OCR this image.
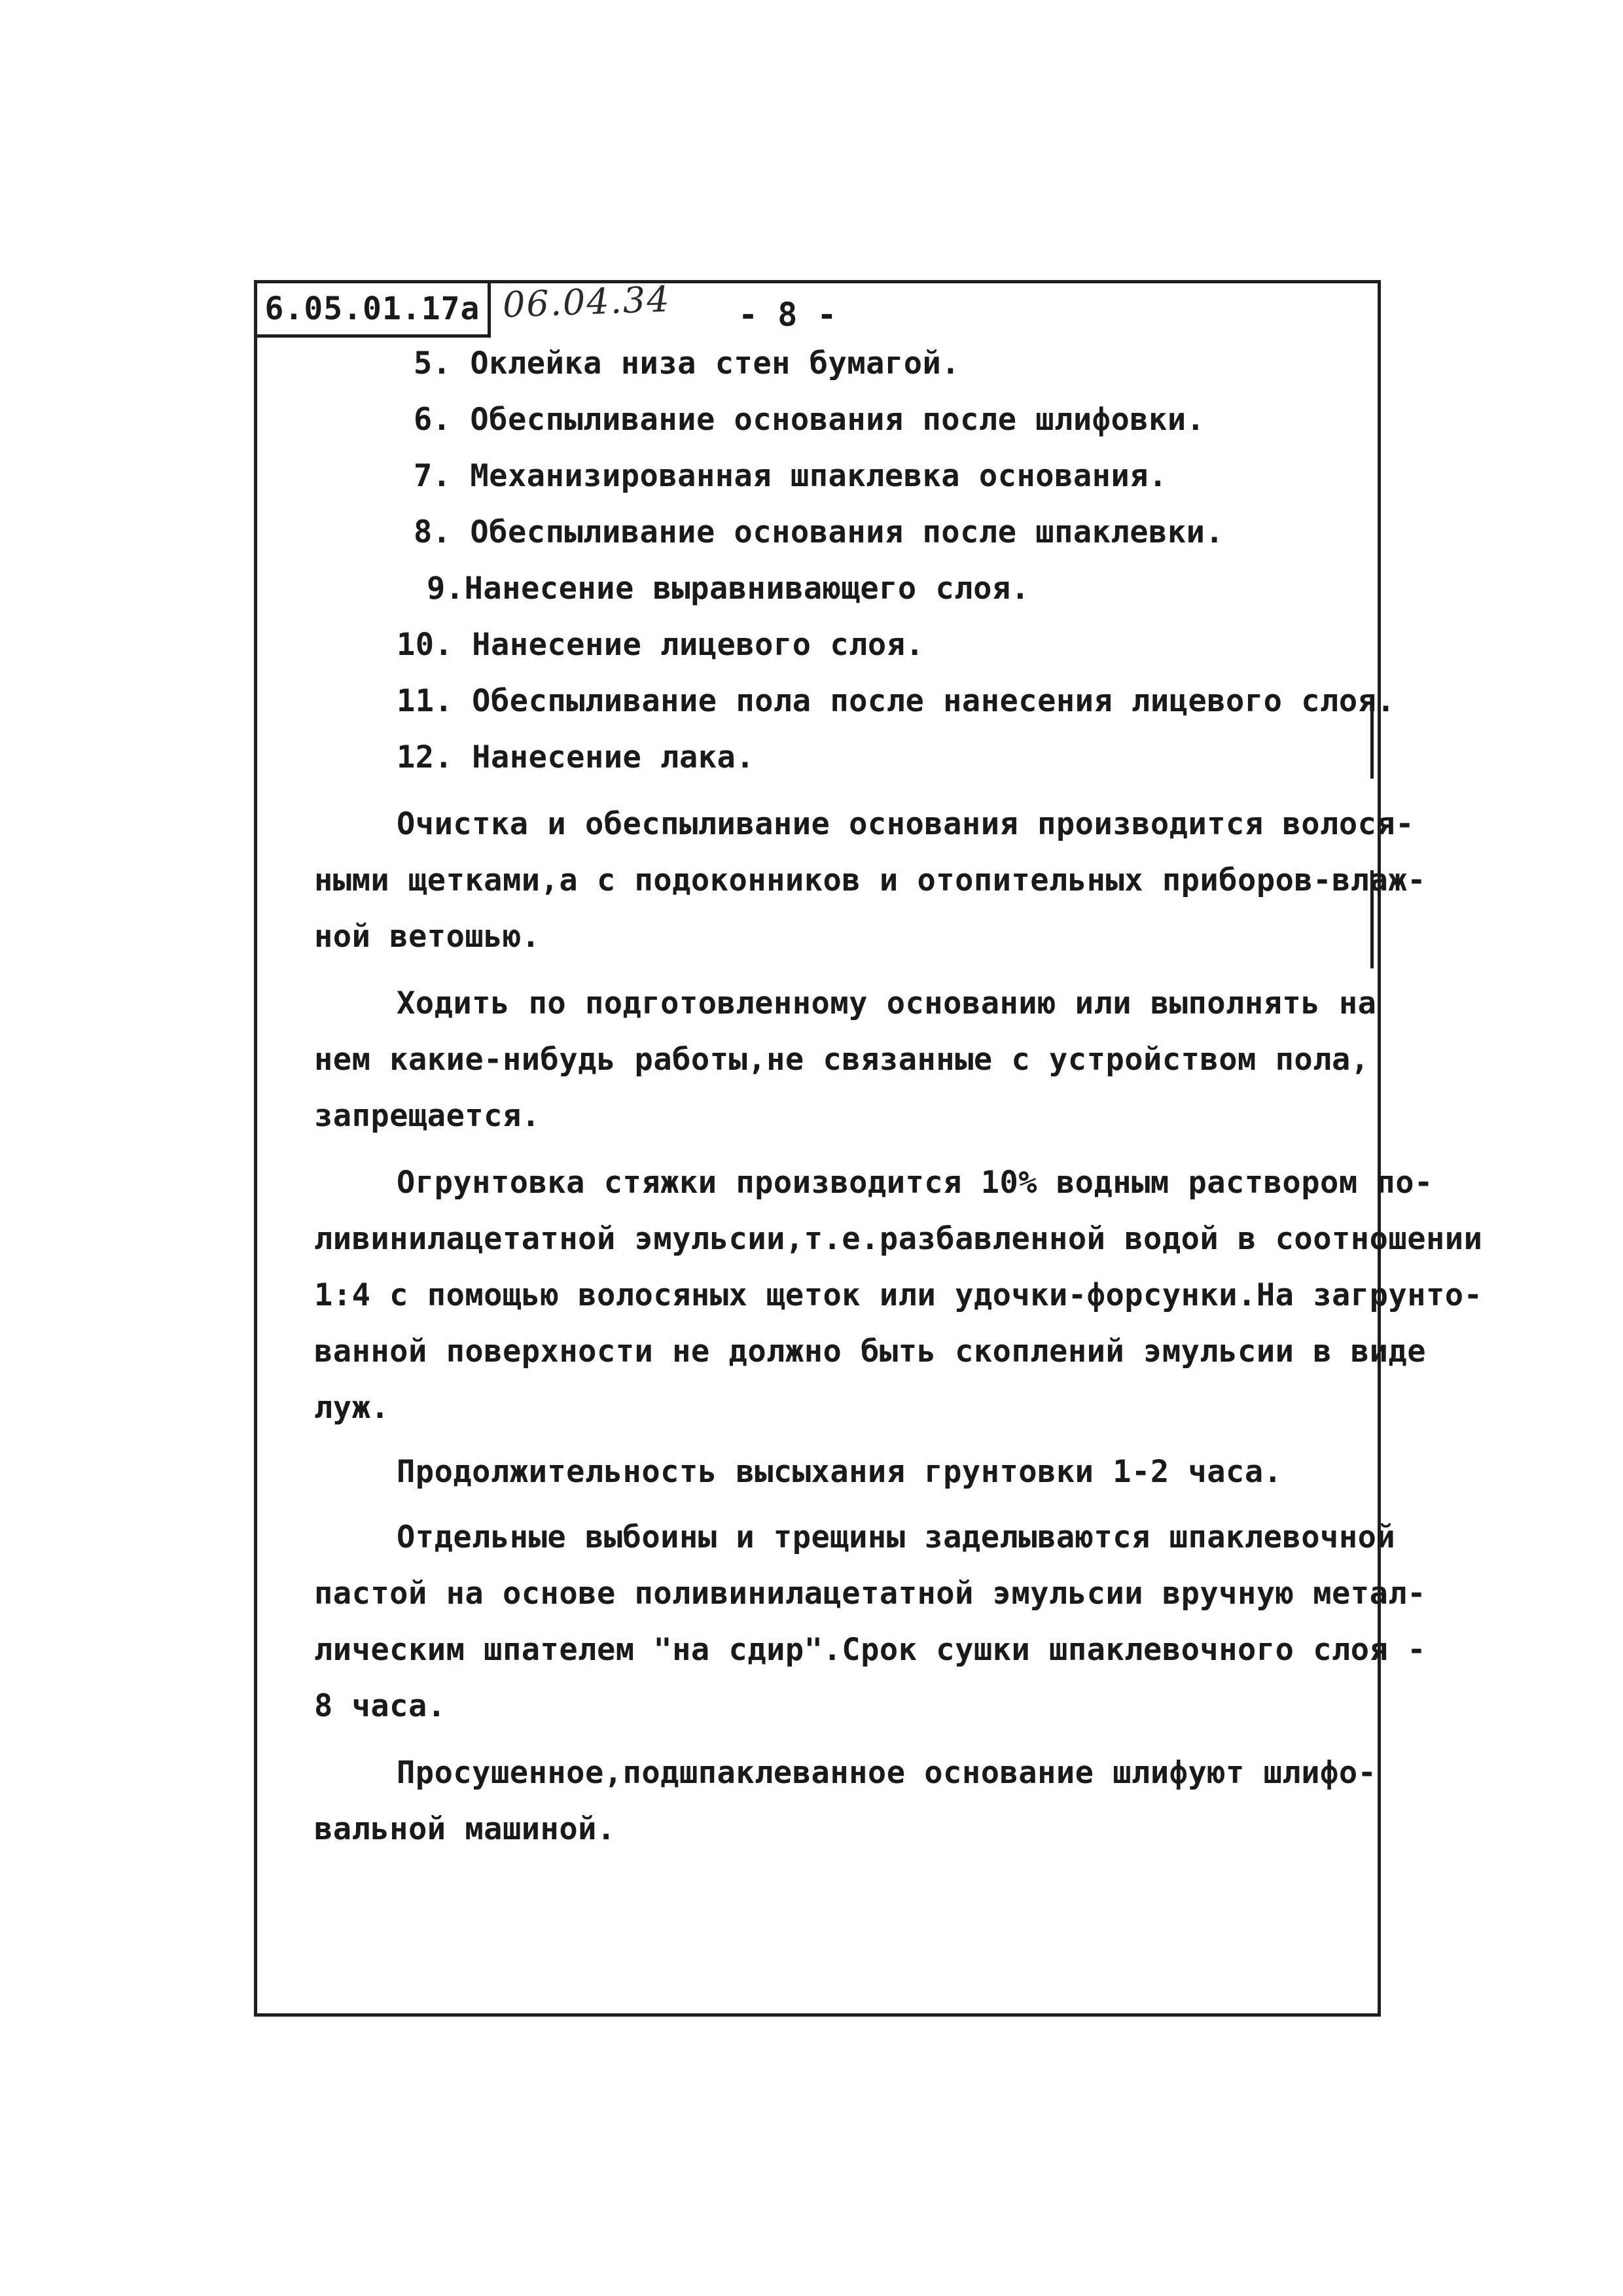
6.05.01.17a 06.04.34 - 8 -
5. Оклейка низа стен бумагой.
6. Обеспыливание основания после шлифовки.
7. Механизированная шпаклевка основания.
8. Обеспыливание основания после шпаклевки.
9.Нанесение выравнивающего слоя.
10. Нанесение лицевого слоя.
11. Обеспыливание пола после нанесения лицевого слоя.
12. Нанесение лака.
Очистка и обеспыливание основания производится волося-
ными щетками,а с подоконников и отопительных приборов-влаж-
ной ветошью.
Ходить по подготовленному основанию или выполнять на
нем какие-нибудь работы,не связанные с устройством пола,
запрещается.
Огрунтовка стяжки производится 10% водным раствором по-
ливинилацетатной эмульсии,т.е.разбавленной водой в соотношении
1:4 с помощью волосяных щеток или удочки-форсунки.На загрунто-
ванной поверхности не должно быть скоплений эмульсии в виде
луж.
Продолжительность высыхания грунтовки 1-2 часа.
Отдельные выбоины и трещины заделываются шпаклевочной
пастой на основе поливинилацетатной эмульсии вручную метал-
лическим шпателем "на сдир".Срок сушки шпаклевочного слоя -
8 часа.
Просушенное,подшпаклеванное основание шлифуют шлифо-
вальной машиной.
